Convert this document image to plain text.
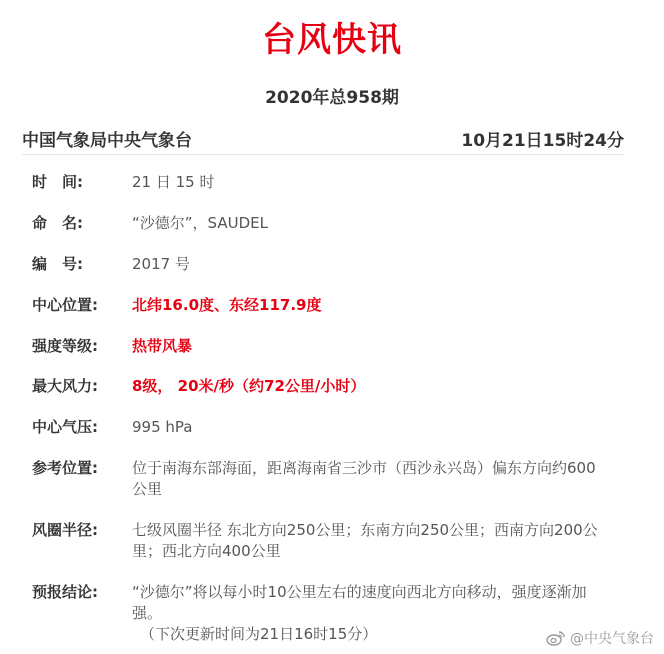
台风快讯
2020年总958期
中国气象局中央气象台	10月21日15时24分
时　间:	21 日 15 时
命　名:	“沙德尔”，SAUDEL
编　号:	2017 号
中心位置:	北纬16.0度、东经117.9度
强度等级:	热带风暴
最大风力:	8级， 20米/秒（约72公里/小时）
中心气压:	995 hPa
参考位置:	位于南海东部海面，距离海南省三沙市（西沙永兴岛）偏东方向约600公里
风圈半径:	七级风圈半径 东北方向250公里；东南方向250公里；西南方向200公里；西北方向400公里
预报结论:	“沙德尔”将以每小时10公里左右的速度向西北方向移动，强度逐渐加强。
（下次更新时间为21日16时15分）	@中央气象台
